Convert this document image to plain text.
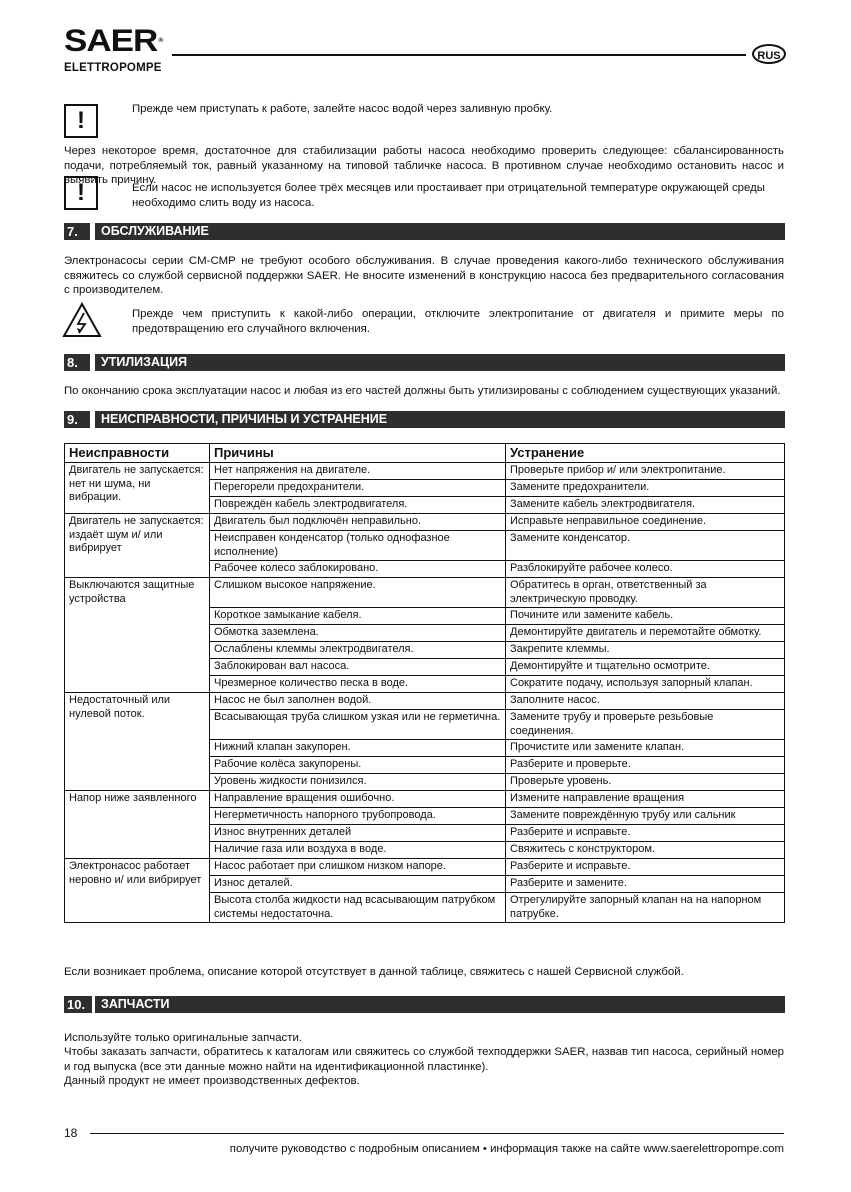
SAER®
ELETTROPOMPE
RUS
!	Прежде чем приступать к работе, залейте насос водой через заливную пробку.
Через некоторое время, достаточное для стабилизации работы насоса необходимо проверить следующее: сбалансированность подачи, потребляемый ток, равный указанному на типовой табличке насоса. В противном случае необходимо остановить насос и выявить причину.
!	Если насос не используется более трёх месяцев или простаивает при отрицательной температуре окружающей среды необходимо слить воду из насоса.
7.	ОБСЛУЖИВАНИЕ
Электронасосы серии CM-CMP не требуют особого обслуживания. В случае проведения какого-либо технического обслуживания свяжитесь со службой сервисной поддержки SAER. Не вносите изменений в конструкцию насоса без предварительного согласования с производителем.
Прежде чем приступить к какой-либо операции, отключите электропитание от двигателя и примите меры по предотвращению его случайного включения.
8.	УТИЛИЗАЦИЯ
По окончанию срока эксплуатации насос и любая из его частей должны быть утилизированы с соблюдением существующих указаний.
9.	НЕИСПРАВНОСТИ, ПРИЧИНЫ И УСТРАНЕНИЕ
Неисправности	Причины	Устранение
Двигатель не запускается: нет ни шума, ни вибрации.	Нет напряжения на двигателе.	Проверьте прибор и/ или электропитание.
	Перегорели предохранители.	Замените предохранители.
	Повреждён кабель электродвигателя.	Замените кабель электродвигателя.
Двигатель не запускается: издаёт шум и/ или вибрирует	Двигатель был подключён неправильно.	Исправьте неправильное соединение.
	Неисправен конденсатор (только однофазное исполнение)	Замените конденсатор.
	Рабочее колесо заблокировано.	Разблокируйте рабочее колесо.
Выключаются защитные устройства	Слишком высокое напряжение.	Обратитесь в орган, ответственный за электрическую проводку.
	Короткое замыкание кабеля.	Почините или замените кабель.
	Обмотка заземлена.	Демонтируйте двигатель и перемотайте обмотку.
	Ослаблены клеммы электродвигателя.	Закрепите клеммы.
	Заблокирован вал насоса.	Демонтируйте и тщательно осмотрите.
	Чрезмерное количество песка в воде.	Сократите подачу, используя запорный клапан.
Недостаточный или нулевой поток.	Насос не был заполнен водой.	Заполните насос.
	Всасывающая труба слишком узкая или не герметична.	Замените трубу и проверьте резьбовые соединения.
	Нижний клапан закупорен.	Прочистите или замените клапан.
	Рабочие колёса закупорены.	Разберите и проверьте.
	Уровень жидкости понизился.	Проверьте уровень.
Напор ниже заявленного	Направление вращения ошибочно.	Измените направление вращения
	Негерметичность напорного трубопровода.	Замените повреждённую трубу или сальник
	Износ внутренних деталей	Разберите и исправьте.
	Наличие газа или воздуха в воде.	Свяжитесь с конструктором.
Электронасос работает неровно и/ или вибрирует	Насос работает при слишком низком напоре.	Разберите и исправьте.
	Износ деталей.	Разберите и замените.
	Высота столба жидкости над всасывающим патрубком системы недостаточна.	Отрегулируйте запорный клапан на на напорном патрубке.
Если возникает проблема, описание которой отсутствует в данной таблице, свяжитесь с нашей Сервисной службой.
10.	ЗАПЧАСТИ
Используйте только оригинальные запчасти.
Чтобы заказать запчасти, обратитесь к каталогам или свяжитесь со службой техподдержки SAER, назвав тип насоса, серийный номер и год выпуска (все эти данные можно найти на идентификационной пластинке).
Данный продукт не имеет производственных дефектов.
18
получите руководство с подробным описанием • информация также на сайте www.saerelettropompe.com
